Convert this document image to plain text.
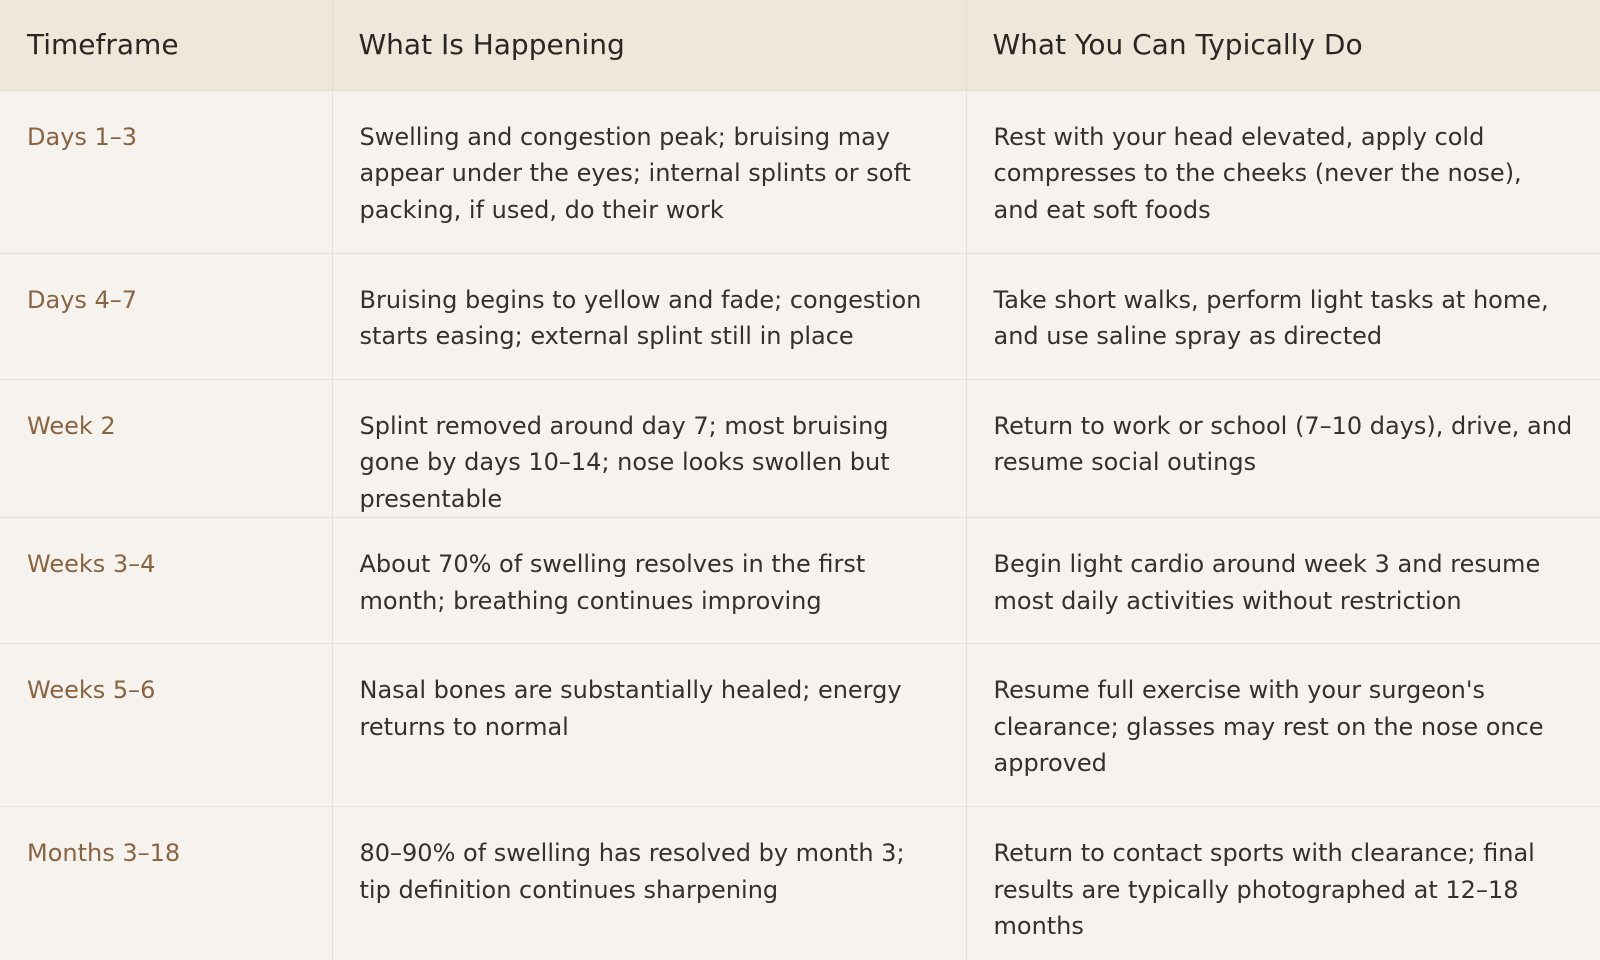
Timeframe	What Is Happening	What You Can Typically Do
Days 1–3	Swelling and congestion peak; bruising may appear under the eyes; internal splints or soft packing, if used, do their work	Rest with your head elevated, apply cold compresses to the cheeks (never the nose), and eat soft foods
Days 4–7	Bruising begins to yellow and fade; congestion starts easing; external splint still in place	Take short walks, perform light tasks at home, and use saline spray as directed
Week 2	Splint removed around day 7; most bruising gone by days 10–14; nose looks swollen but presentable	Return to work or school (7–10 days), drive, and resume social outings
Weeks 3–4	About 70% of swelling resolves in the first month; breathing continues improving	Begin light cardio around week 3 and resume most daily activities without restriction
Weeks 5–6	Nasal bones are substantially healed; energy returns to normal	Resume full exercise with your surgeon's clearance; glasses may rest on the nose once approved
Months 3–18	80–90% of swelling has resolved by month 3; tip definition continues sharpening	Return to contact sports with clearance; final results are typically photographed at 12–18 months
